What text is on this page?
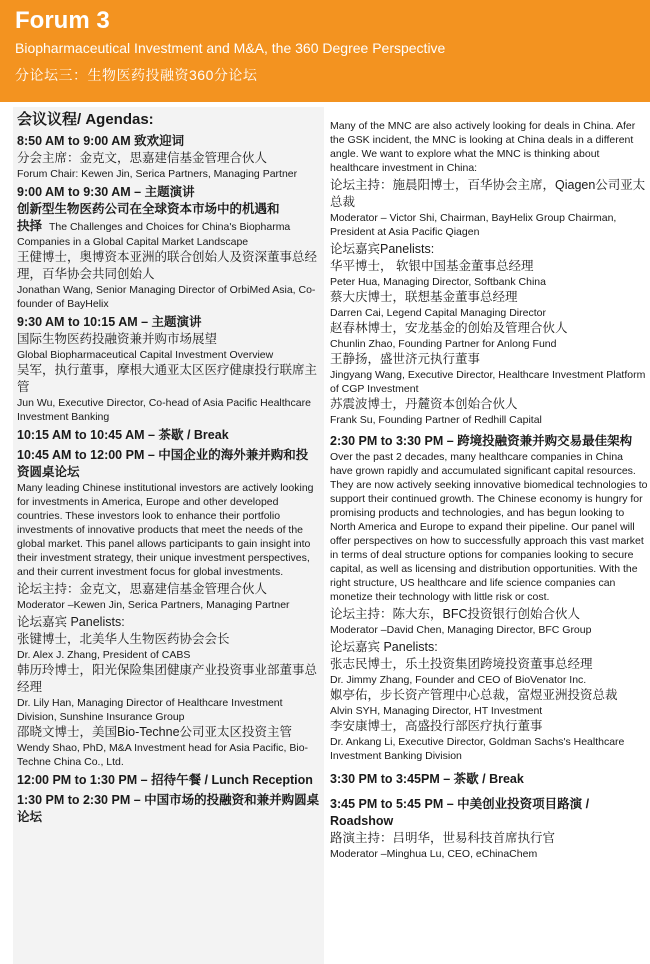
Forum 3
Biopharmaceutical Investment and M&A, the 360 Degree Perspective
分论坛三：生物医药投融资360分论坛
会议议程/ Agendas:
8:50 AM to 9:00 AM 致欢迎词
分会主席：金克文，思嘉建信基金管理合伙人
Forum Chair: Kewen Jin, Serica Partners, Managing Partner
9:00 AM to 9:30 AM – 主题演讲
创新型生物医药公司在全球资本市场中的机遇和
抉择 The Challenges and Choices for China's Biopharma
Companies in a Global Capital Market Landscape
王健博士，奥博资本亚洲的联合创始人及资深董事总经理，百华协会共同创始人
Jonathan Wang, Senior Managing Director of OrbiMed Asia, Co-founder of BayHelix
9:30 AM to 10:15 AM – 主题演讲
国际生物医药投融资兼并购市场展望
Global Biopharmaceutical Capital Investment Overview
吴军，执行董事，摩根大通亚太区医疗健康投行联席主管
Jun Wu, Executive Director, Co-head of Asia Pacific Healthcare Investment Banking
10:15 AM to 10:45 AM – 茶歇 / Break
10:45 AM to 12:00 PM – 中国企业的海外兼并购和投资圆桌论坛
Many leading Chinese institutional investors are actively looking for investments in America, Europe and other developed countries. These investors look to enhance their portfolio investments of innovative products that meet the needs of the global market. This panel allows participants to gain insight into their investment strategy, their unique investment perspectives, and their current investment focus for global investments.
论坛主持：金克文，思嘉建信基金管理合伙人
Moderator –Kewen Jin, Serica Partners, Managing Partner
论坛嘉宾 Panelists:
张键博士，北美华人生物医药协会会长
Dr. Alex J. Zhang, President of CABS
韩历玲博士，阳光保险集团健康产业投资事业部董事总经理
Dr. Lily Han, Managing Director of Healthcare Investment Division, Sunshine Insurance Group
邵晓文博士，美国Bio-Techne公司亚太区投资主管
Wendy Shao, PhD, M&A Investment head for Asia Pacific, Bio-Techne China Co., Ltd.
12:00 PM to 1:30 PM – 招待午餐 / Lunch Reception
1:30 PM to 2:30 PM – 中国市场的投融资和兼并购圆桌论坛
Many of the MNC are also actively looking for deals in China. Afer the GSK incident, the MNC is looking at China deals in a different angle. We want to explore what the MNC is thinking about healthcare investment in China:
论坛主持：施晨阳博士，百华协会主席，Qiagen公司亚太总裁
Moderator – Victor Shi, Chairman, BayHelix Group Chairman, President at Asia Pacific Qiagen
论坛嘉宾Panelists:
华平博士， 软银中国基金董事总经理
Peter Hua, Managing Director, Softbank China
蔡大庆博士，联想基金董事总经理
Darren Cai, Legend Capital Managing Director
赵春林博士，安龙基金的创始及管理合伙人
Chunlin Zhao, Founding Partner for Anlong Fund
王静扬，盛世济元执行董事
Jingyang Wang, Executive Director, Healthcare Investment Platform of CGP Investment
苏震波博士，丹麓资本创始合伙人
Frank Su, Founding Partner of Redhill Capital
2:30 PM to 3:30 PM – 跨境投融资兼并购交易最佳架构
Over the past 2 decades, many healthcare companies in China have grown rapidly and accumulated significant capital resources. They are now actively seeking innovative biomedical technologies to support their continued growth. The Chinese economy is hungry for promising products and technologies, and has begun looking to North America and Europe to expand their pipeline. Our panel will offer perspectives on how to successfully approach this vast market in terms of deal structure options for companies looking to secure capital, as well as licensing and distribution opportunities. With the right structure, US healthcare and life science companies can monetize their technology with little risk or cost.
论坛主持：陈大东，BFC投资银行创始合伙人
Moderator –David Chen, Managing Director, BFC Group
论坛嘉宾 Panelists:
张志民博士，乐土投资集团跨境投资董事总经理
Dr. Jimmy Zhang, Founder and CEO of BioVenator Inc.
娰亭佑，步长资产管理中心总裁，富煜亚洲投资总裁
Alvin SYH, Managing Director, HT Investment
李安康博士，高盛投行部医疗执行董事
Dr. Ankang Li, Executive Director, Goldman Sachs's Healthcare Investment Banking Division
3:30 PM to 3:45PM – 茶歇 / Break
3:45 PM to 5:45 PM – 中美创业投资项目路演 / Roadshow
路演主持：吕明华，世易科技首席执行官
Moderator –Minghua Lu, CEO, eChinaChem
